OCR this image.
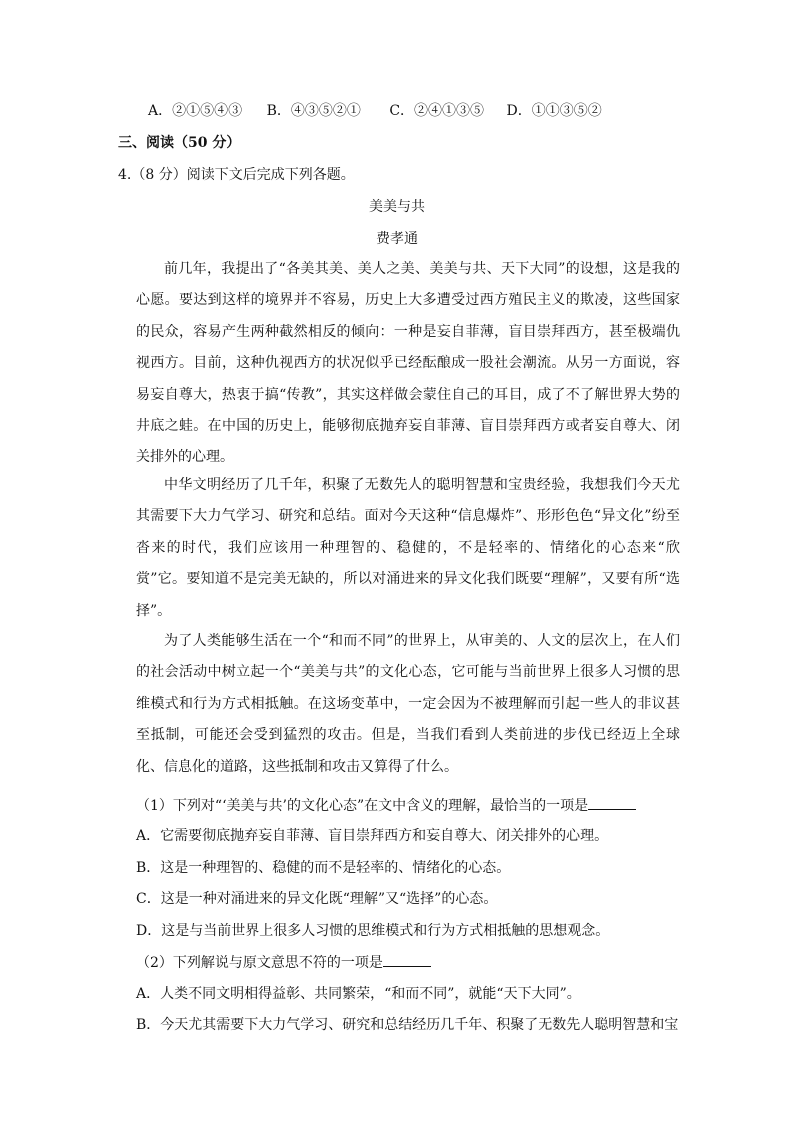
A．②①⑤④③ B．④③⑤②① C．②④①③⑤ D．①①③⑤②
三、阅读（50 分）
4.（8 分）阅读下文后完成下列各题。
美美与共
费孝通

前几年，我提出了“各美其美、美人之美、美美与共、天下大同”的设想，这是我的心愿。要达到这样的境界并不容易，历史上大多遭受过西方殖民主义的欺凌，这些国家的民众，容易产生两种截然相反的倾向：一种是妄自菲薄，盲目崇拜西方，甚至极端仇视西方。目前，这种仇视西方的状况似乎已经酝酿成一股社会潮流。从另一方面说，容易妄自尊大，热衷于搞“传教”，其实这样做会蒙住自己的耳目，成了不了解世界大势的井底之蛙。在中国的历史上，能够彻底抛弃妄自菲薄、盲目崇拜西方或者妄自尊大、闭关排外的心理。

中华文明经历了几千年，积聚了无数先人的聪明智慧和宝贵经验，我想我们今天尤其需要下大力气学习、研究和总结。面对今天这种“信息爆炸”、形形色色“异文化”纷至沓来的时代，我们应该用一种理智的、稳健的，不是轻率的、情绪化的心态来“欣赏”它。要知道不是完美无缺的，所以对涌进来的异文化我们既要“理解”，又要有所“选择”。

为了人类能够生活在一个“和而不同”的世界上，从审美的、人文的层次上，在人们的社会活动中树立起一个“美美与共”的文化心态，它可能与当前世界上很多人习惯的思维模式和行为方式相抵触。在这场变革中，一定会因为不被理解而引起一些人的非议甚至抵制，可能还会受到猛烈的攻击。但是，当我们看到人类前进的步伐已经迈上全球化、信息化的道路，这些抵制和攻击又算得了什么。

（1）下列对“‘美美与共’的文化心态”在文中含义的理解，最恰当的一项是
A．它需要彻底抛弃妄自菲薄、盲目崇拜西方和妄自尊大、闭关排外的心理。
B．这是一种理智的、稳健的而不是轻率的、情绪化的心态。
C．这是一种对涌进来的异文化既“理解”又“选择”的心态。
D．这是与当前世界上很多人习惯的思维模式和行为方式相抵触的思想观念。
（2）下列解说与原文意思不符的一项是
A．人类不同文明相得益彰、共同繁荣，“和而不同”，就能“天下大同”。
B．今天尤其需要下大力气学习、研究和总结经历几千年、积聚了无数先人聪明智慧和宝
